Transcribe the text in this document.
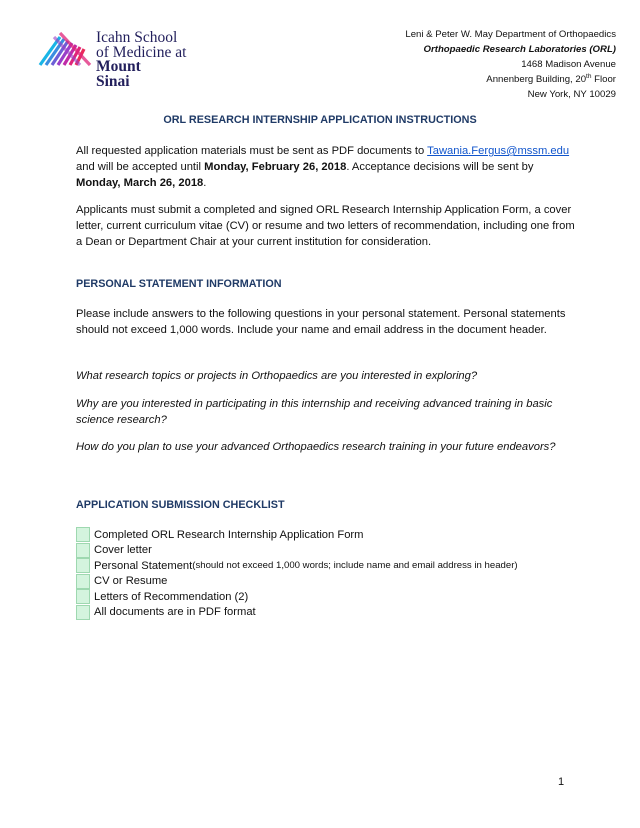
Icahn School
of Medicine at
Mount
Sinai
Leni & Peter W. May Department of Orthopaedics
Orthopaedic Research Laboratories (ORL)
1468 Madison Avenue
Annenberg Building, 20th Floor
New York, NY 10029
ORL RESEARCH INTERNSHIP APPLICATION INSTRUCTIONS
All requested application materials must be sent as PDF documents to Tawania.Fergus@mssm.edu and will be accepted until Monday, February 26, 2018. Acceptance decisions will be sent by Monday, March 26, 2018.
Applicants must submit a completed and signed ORL Research Internship Application Form, a cover letter, current curriculum vitae (CV) or resume and two letters of recommendation, including one from a Dean or Department Chair at your current institution for consideration.
PERSONAL STATEMENT INFORMATION
Please include answers to the following questions in your personal statement. Personal statements should not exceed 1,000 words. Include your name and email address in the document header.
What research topics or projects in Orthopaedics are you interested in exploring?
Why are you interested in participating in this internship and receiving advanced training in basic science research?
How do you plan to use your advanced Orthopaedics research training in your future endeavors?
APPLICATION SUBMISSION CHECKLIST
Completed ORL Research Internship Application Form
Cover letter
Personal Statement (should not exceed 1,000 words; include name and email address in header)
CV or Resume
Letters of Recommendation (2)
All documents are in PDF format
1
